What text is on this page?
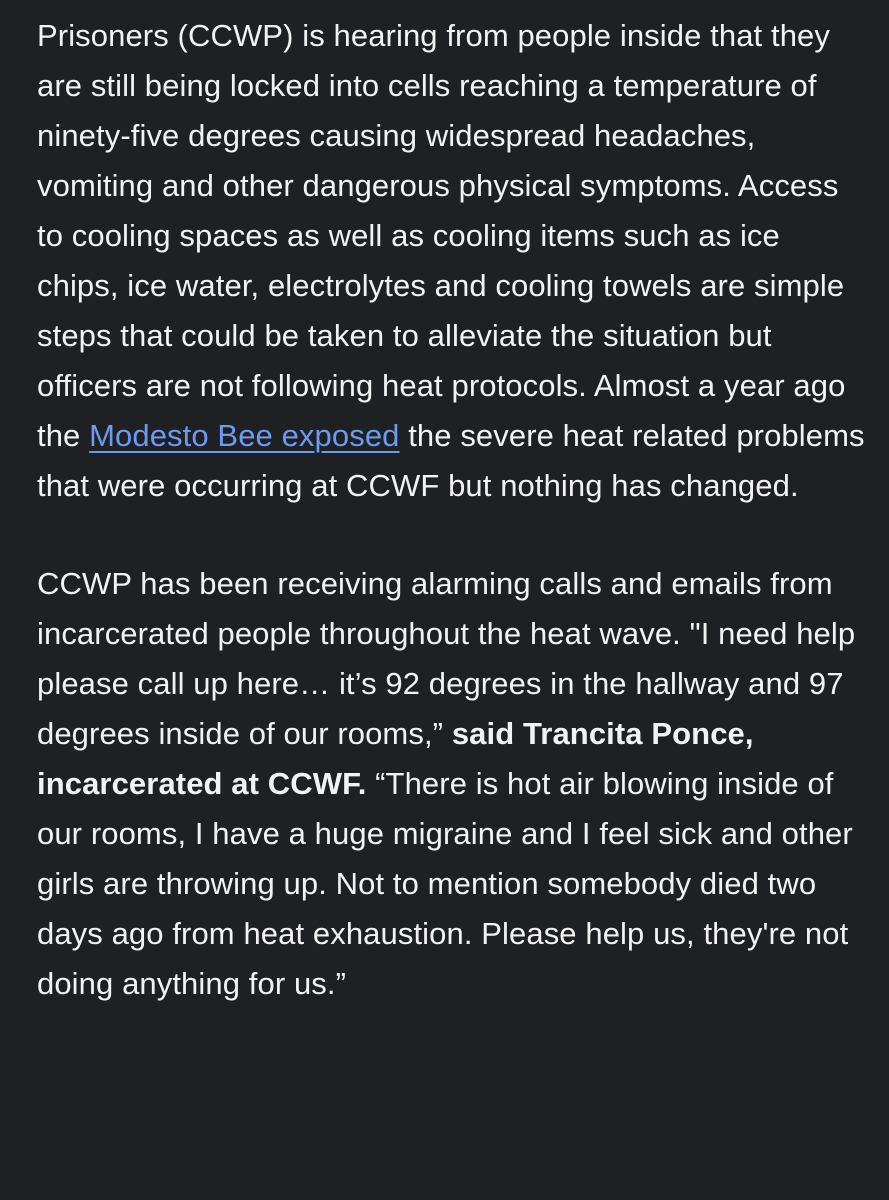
Prisoners (CCWP) is hearing from people inside that they are still being locked into cells reaching a temperature of ninety-five degrees causing widespread headaches, vomiting and other dangerous physical symptoms. Access to cooling spaces as well as cooling items such as ice chips, ice water, electrolytes and cooling towels are simple steps that could be taken to alleviate the situation but officers are not following heat protocols. Almost a year ago the Modesto Bee exposed the severe heat related problems that were occurring at CCWF but nothing has changed.

CCWP has been receiving alarming calls and emails from incarcerated people throughout the heat wave. "I need help please call up here… it’s 92 degrees in the hallway and 97 degrees inside of our rooms,” said Trancita Ponce, incarcerated at CCWF. “There is hot air blowing inside of our rooms, I have a huge migraine and I feel sick and other girls are throwing up. Not to mention somebody died two days ago from heat exhaustion. Please help us, they're not doing anything for us.”
